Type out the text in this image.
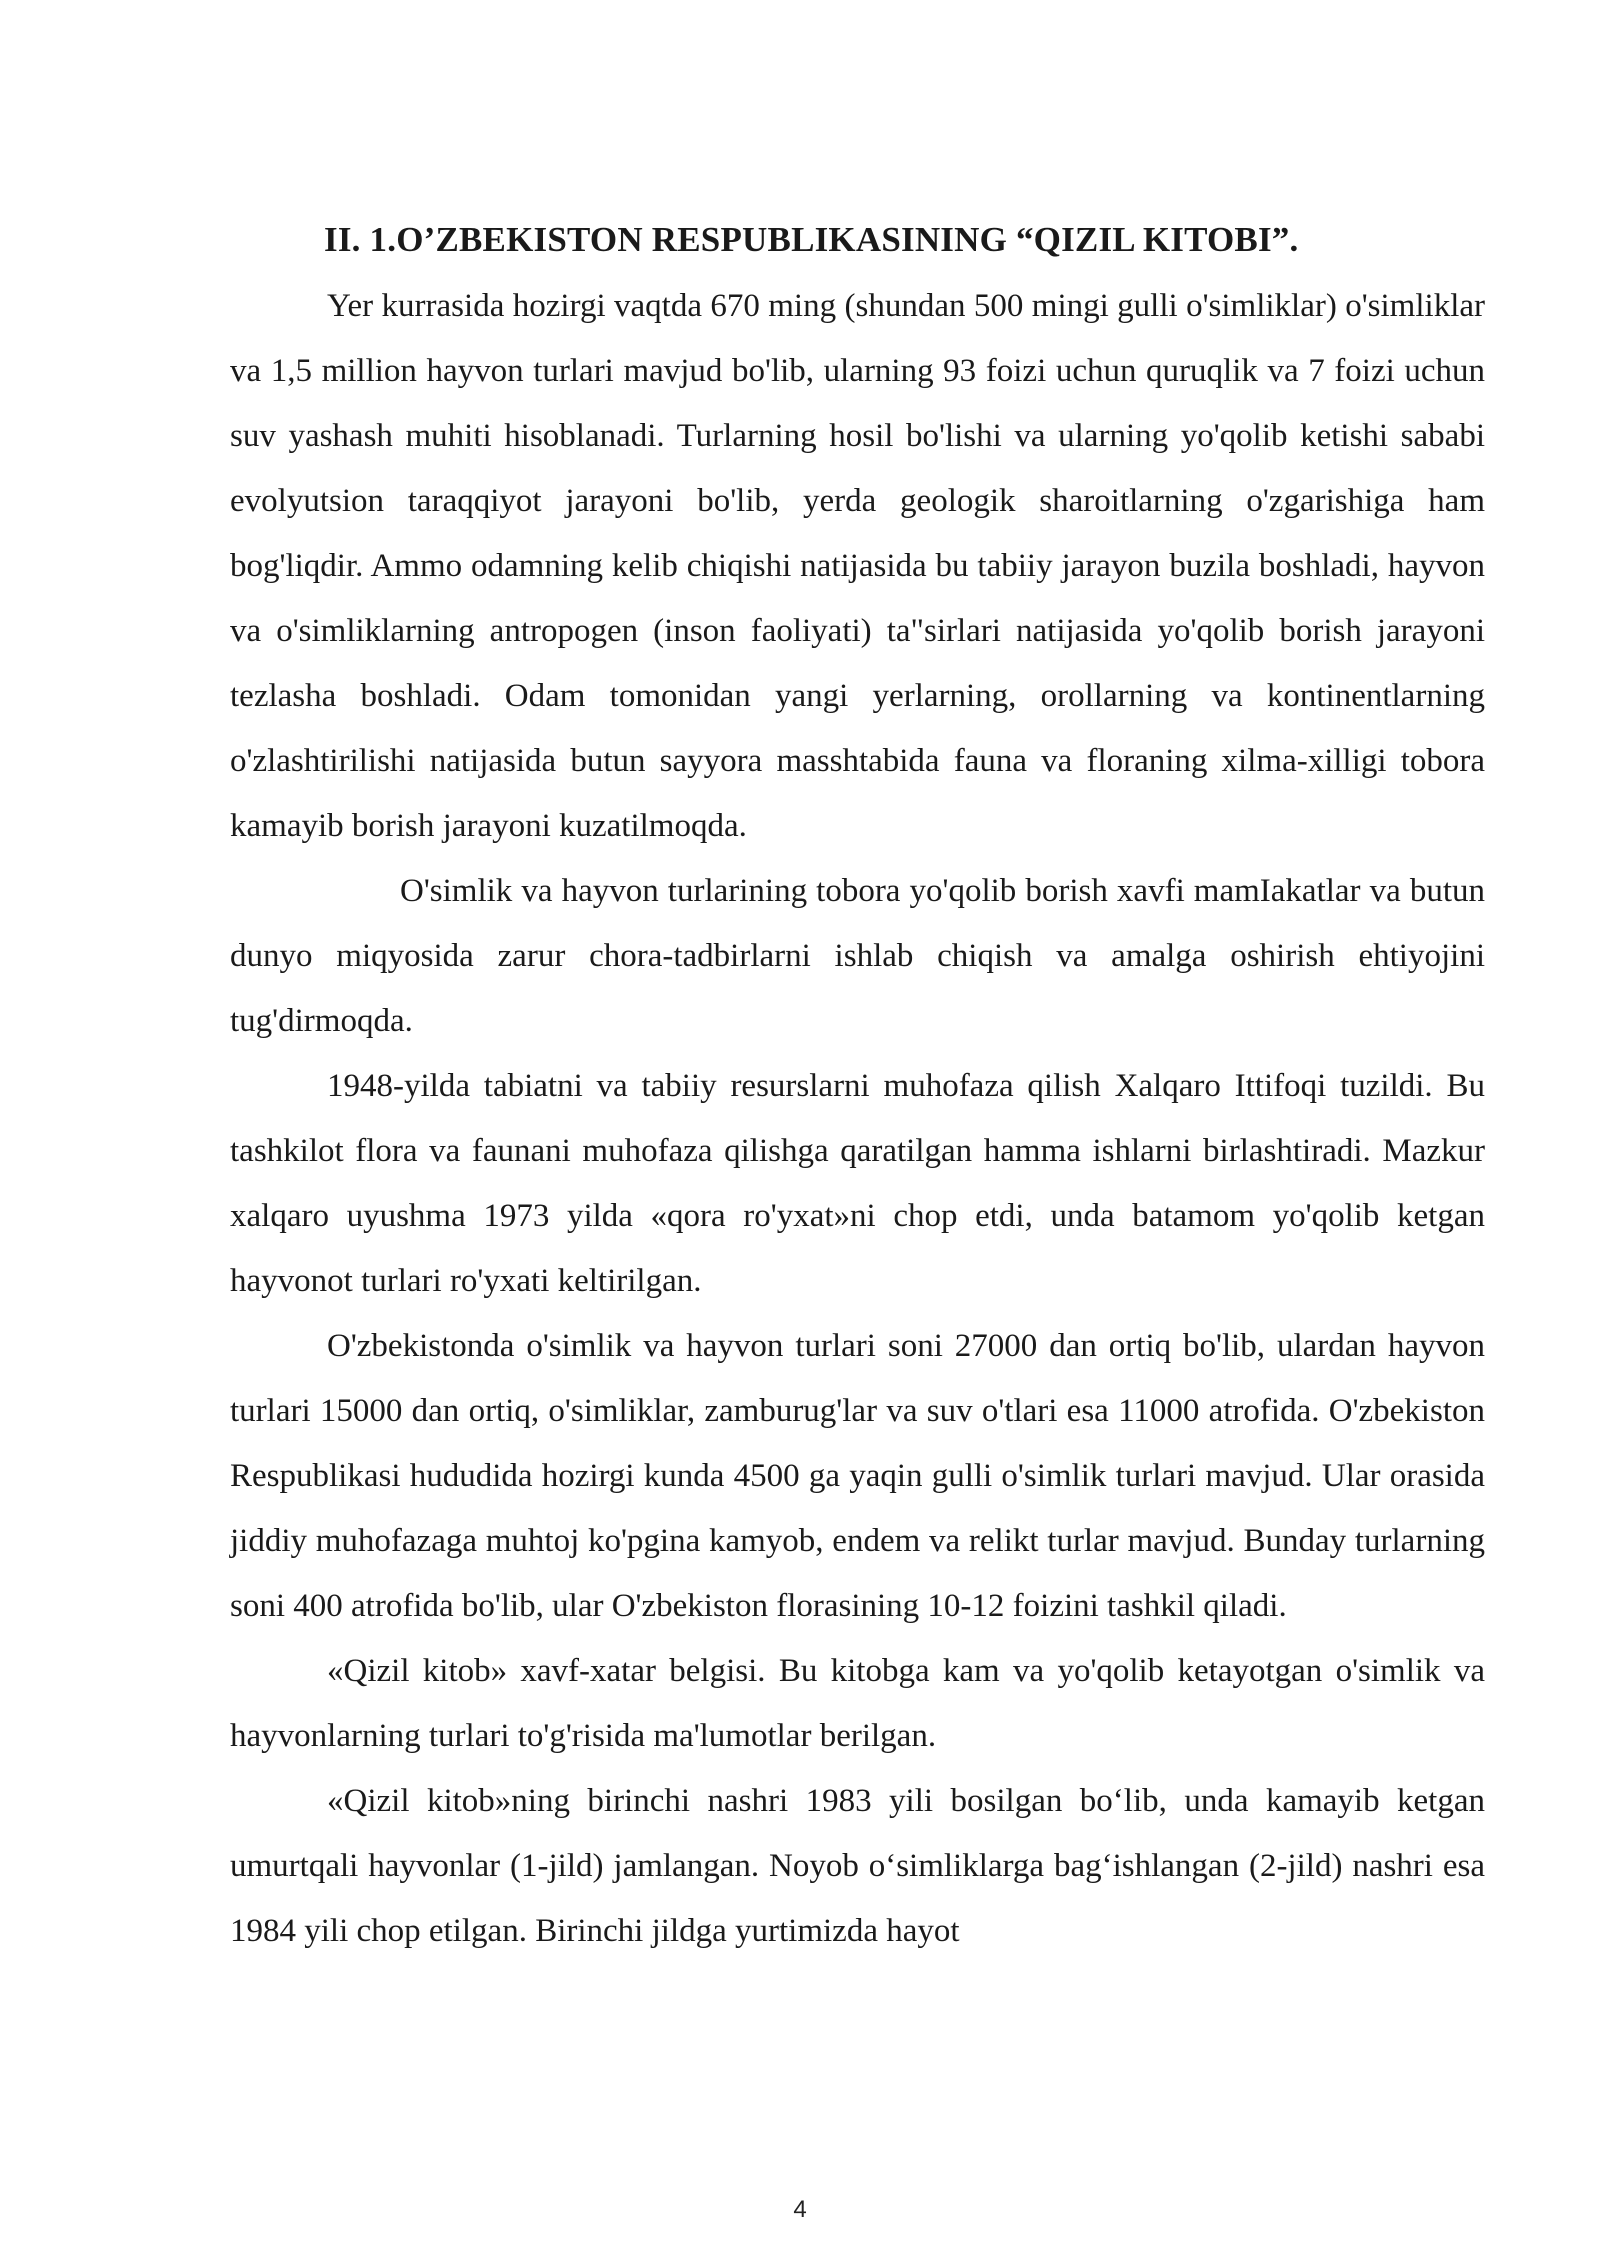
II. 1.O’ZBEKISTON RESPUBLIKASINING “QIZIL KITOBI”.

Yer kurrasida hozirgi vaqtda 670 ming (shundan 500 mingi gulli o'simliklar) o'simliklar va 1,5 million hayvon turlari mavjud bo'lib, ularning 93 foizi uchun quruqlik va 7 foizi uchun suv yashash muhiti hisoblanadi. Turlarning hosil bo'lishi va ularning yo'qolib ketishi sababi evolyutsion taraqqiyot jarayoni bo'lib, yerda geologik sharoitlarning o'zgarishiga ham bog'liqdir. Ammo odamning kelib chiqishi natijasida bu tabiiy jarayon buzila boshladi, hayvon va o'simliklarning antropogen (inson faoliyati) ta"sirlari natijasida yo'qolib borish jarayoni tezlasha boshladi. Odam tomonidan yangi yerlarning, orollarning va kontinentlarning o'zlashtirilishi natijasida butun sayyora masshtabida fauna va floraning xilma-xilligi tobora kamayib borish jarayoni kuzatilmoqda.

O'simlik va hayvon turlarining tobora yo'qolib borish xavfi mamIakatlar va butun dunyo miqyosida zarur chora-tadbirlarni ishlab chiqish va amalga oshirish ehtiyojini tug'dirmoqda.

1948-yilda tabiatni va tabiiy resurslarni muhofaza qilish Xalqaro Ittifoqi tuzildi. Bu tashkilot flora va faunani muhofaza qilishga qaratilgan hamma ishlarni birlashtiradi. Mazkur xalqaro uyushma 1973 yilda «qora ro'yxat»ni chop etdi, unda batamom yo'qolib ketgan hayvonot turlari ro'yxati keltirilgan.

O'zbekistonda o'simlik va hayvon turlari soni 27000 dan ortiq bo'lib, ulardan hayvon turlari 15000 dan ortiq, o'simliklar, zamburug'lar va suv o'tlari esa 11000 atrofida. O'zbekiston Respublikasi hududida hozirgi kunda 4500 ga yaqin gulli o'simlik turlari mavjud. Ular orasida jiddiy muhofazaga muhtoj ko'pgina kamyob, endem va relikt turlar mavjud. Bunday turlarning soni 400 atrofida bo'lib, ular O'zbekiston florasining 10-12 foizini tashkil qiladi.

«Qizil kitob» xavf-xatar belgisi. Bu kitobga kam va yo'qolib ketayotgan o'simlik va hayvonlarning turlari to'g'risida ma'lumotlar berilgan.

«Qizil kitob»ning birinchi nashri 1983 yili bosilgan bo‘lib, unda kamayib ketgan umurtqali hayvonlar (1-jild) jamlangan. Noyob o‘simliklarga bag‘ishlangan (2-jild) nashri esa 1984 yili chop etilgan. Birinchi jildga yurtimizda hayot

4
